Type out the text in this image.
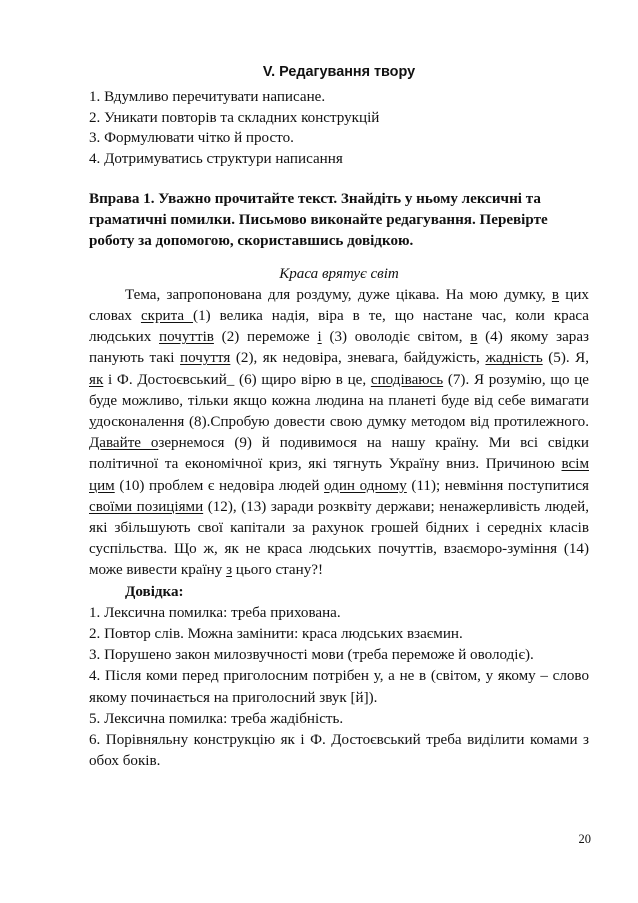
V. Редагування твору
1. Вдумливо перечитувати написане.
2. Уникати повторів та складних конструкцій
3. Формулювати чітко й просто.
4. Дотримуватись структури написання

Вправа 1. Уважно прочитайте текст. Знайдіть у ньому лексичні та граматичні помилки. Письмово виконайте редагування. Перевірте роботу за допомогою, скориставшись довідкою.

Краса врятує світ

Тема, запропонована для роздуму, дуже цікава. На мою думку, в цих словах скрита (1) велика надія, віра в те, що настане час, коли краса людських почуттів (2) переможе і (3) оволодіє світом, в (4) якому зараз панують такі почуття (2), як недовіра, зневага, байдужість, жадність (5). Я, як і Ф. Достоєвський_ (6) щиро вірю в це, сподіваюсь (7). Я розумію, що це буде можливо, тільки якщо кожна людина на планеті буде від себе вимагати удосконалення (8).Спробую довести свою думку методом від протилежного. Давайте озернемося (9) й подивимося на нашу країну. Ми всі свідки політичної та економічної криз, які тягнуть Україну вниз. Причиною всім цим (10) проблем є недовіра людей один одному (11); невміння поступитися своїми позиціями (12), (13) заради розквіту держави; ненажерливість людей, які збільшують свої капітали за рахунок грошей бідних і середніх класів суспільства. Що ж, як не краса людських почуттів, взаєморо-зуміння (14) може вивести країну з цього стану?!

Довідка:

1. Лексична помилка: треба прихована.
2. Повтор слів. Можна замінити: краса людських взаємин.
3. Порушено закон милозвучності мови (треба переможе й оволодіє).
4. Після коми перед приголосним потрібен у, а не в (світом, у якому – слово якому починається на приголосний звук [й]).
5. Лексична помилка: треба жадібність.
6. Порівняльну конструкцію як і Ф. Достоєвський треба виділити комами з обох боків.
20
